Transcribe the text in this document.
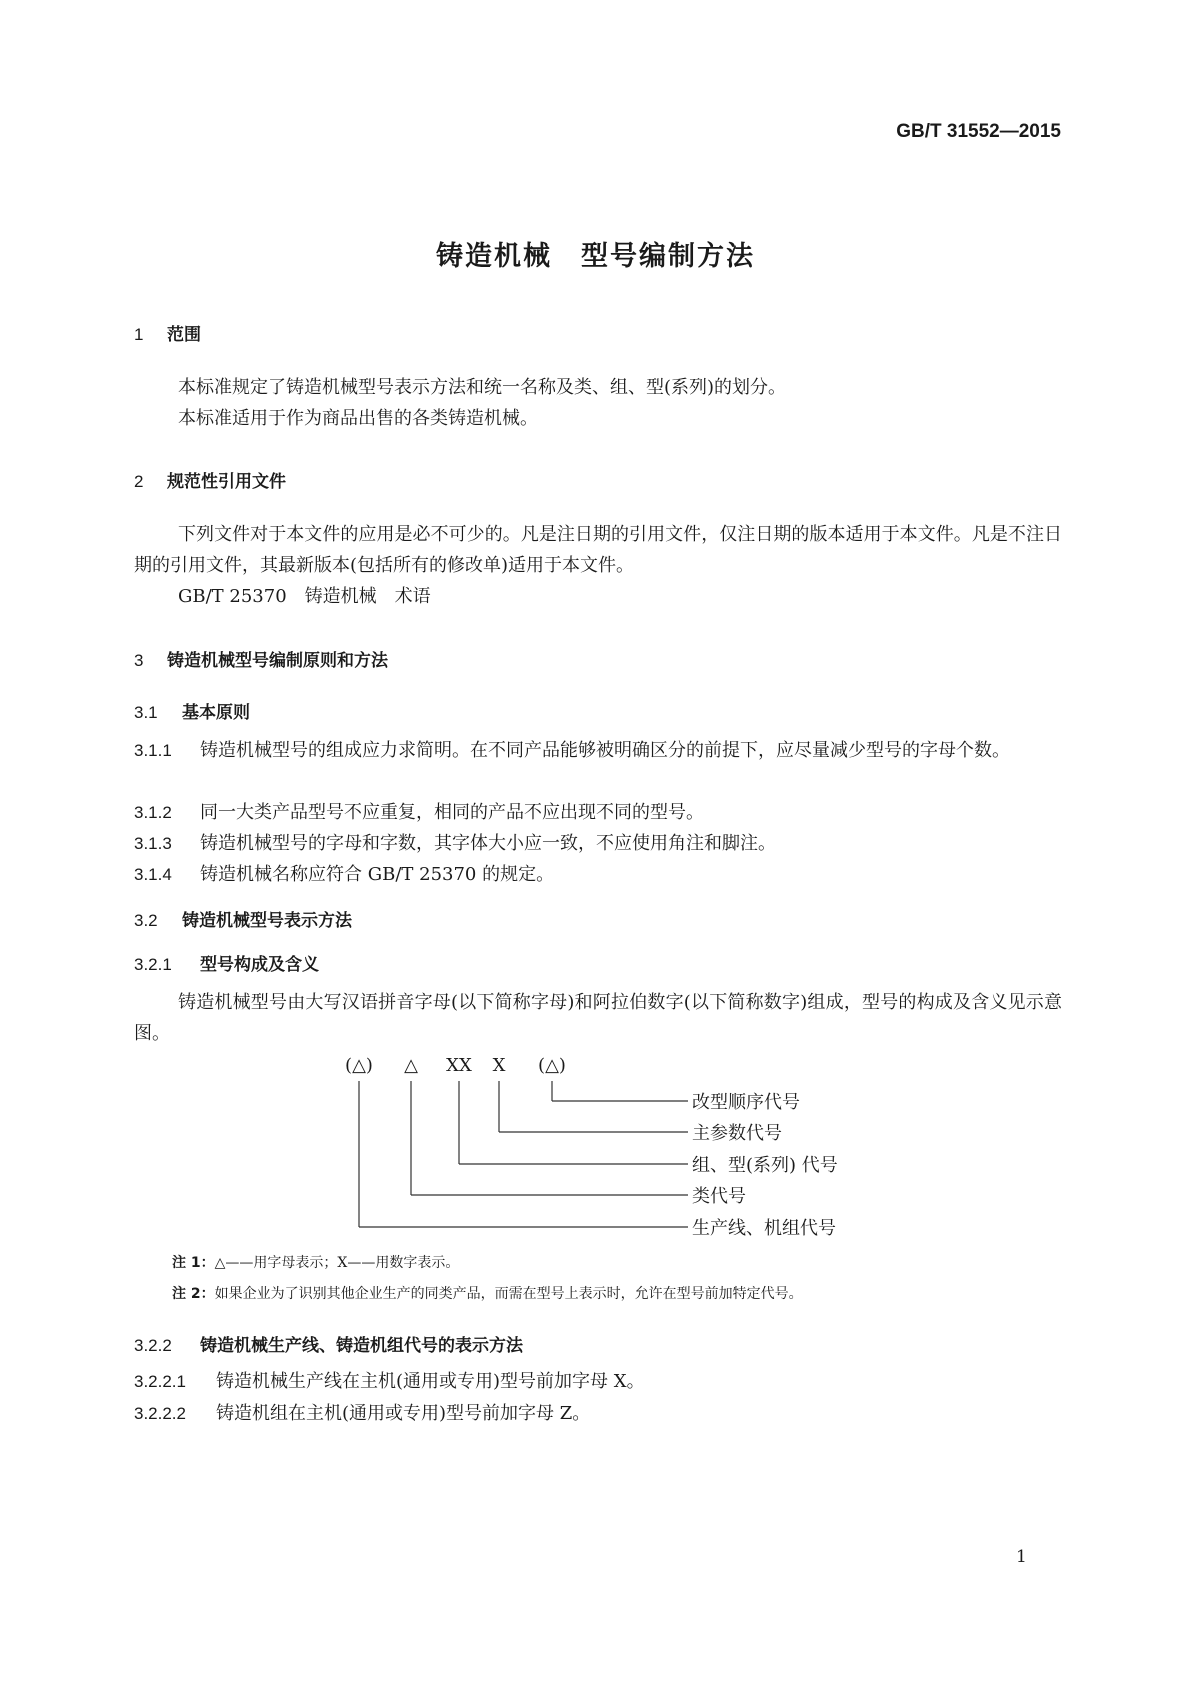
GB/T 31552—2015
铸造机械　型号编制方法
1 范围

本标准规定了铸造机械型号表示方法和统一名称及类、组、型(系列)的划分。

本标准适用于作为商品出售的各类铸造机械。

2 规范性引用文件

下列文件对于本文件的应用是必不可少的。凡是注日期的引用文件，仅注日期的版本适用于本文件。凡是不注日期的引用文件，其最新版本(包括所有的修改单)适用于本文件。

GB/T 25370　铸造机械　术语

3 铸造机械型号编制原则和方法
3.1 基本原则

3.1.1 铸造机械型号的组成应力求简明。在不同产品能够被明确区分的前提下，应尽量减少型号的字母个数。

3.1.2 同一大类产品型号不应重复，相同的产品不应出现不同的型号。

3.1.3 铸造机械型号的字母和字数，其字体大小应一致，不应使用角注和脚注。

3.1.4 铸造机械名称应符合 GB/T 25370 的规定。

3.2 铸造机械型号表示方法
3.2.1 型号构成及含义

铸造机械型号由大写汉语拼音字母(以下简称字母)和阿拉伯数字(以下简称数字)组成，型号的构成及含义见示意图。

(△) △ XX X (△)
改型顺序代号
主参数代号
组、型(系列) 代号
类代号
生产线、机组代号
注 1：△——用字母表示；X——用数字表示。
注 2：如果企业为了识别其他企业生产的同类产品，而需在型号上表示时，允许在型号前加特定代号。
3.2.2 铸造机械生产线、铸造机组代号的表示方法

3.2.2.1 铸造机械生产线在主机(通用或专用)型号前加字母 X。

3.2.2.2 铸造机组在主机(通用或专用)型号前加字母 Z。

1
